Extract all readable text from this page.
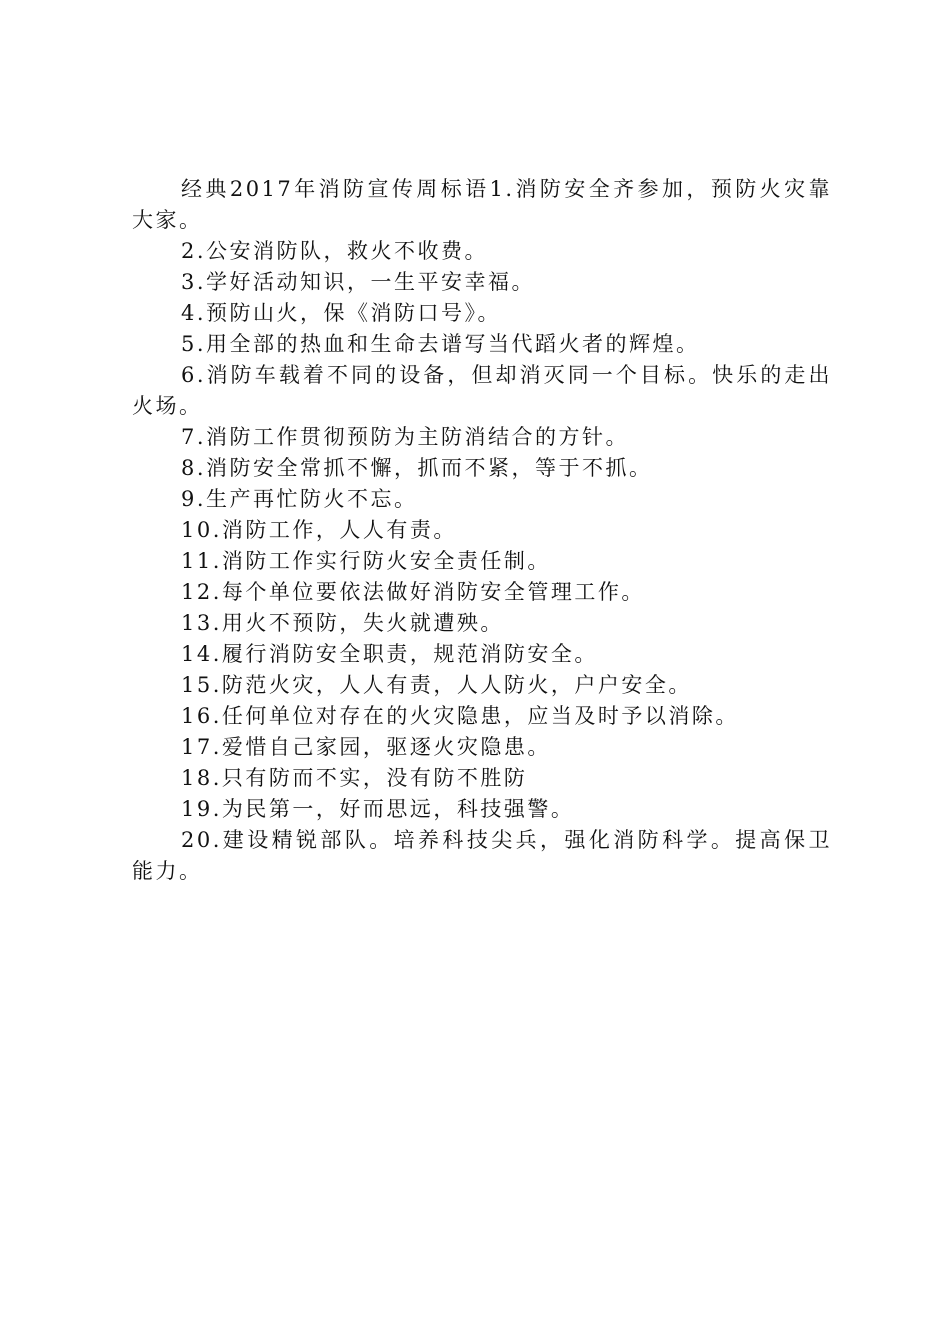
经典2017年消防宣传周标语1.消防安全齐参加，预防火灾靠大家。

2.公安消防队，救火不收费。

3.学好活动知识，一生平安幸福。

4.预防山火，保《消防口号》。

5.用全部的热血和生命去谱写当代蹈火者的辉煌。

6.消防车载着不同的设备，但却消灭同一个目标。快乐的走出火场。

7.消防工作贯彻预防为主防消结合的方针。

8.消防安全常抓不懈，抓而不紧，等于不抓。

9.生产再忙防火不忘。

10.消防工作，人人有责。

11.消防工作实行防火安全责任制。

12.每个单位要依法做好消防安全管理工作。

13.用火不预防，失火就遭殃。

14.履行消防安全职责，规范消防安全。

15.防范火灾，人人有责，人人防火，户户安全。

16.任何单位对存在的火灾隐患，应当及时予以消除。

17.爱惜自己家园，驱逐火灾隐患。

18.只有防而不实，没有防不胜防

19.为民第一，好而思远，科技强警。

20.建设精锐部队。培养科技尖兵，强化消防科学。提高保卫能力。
